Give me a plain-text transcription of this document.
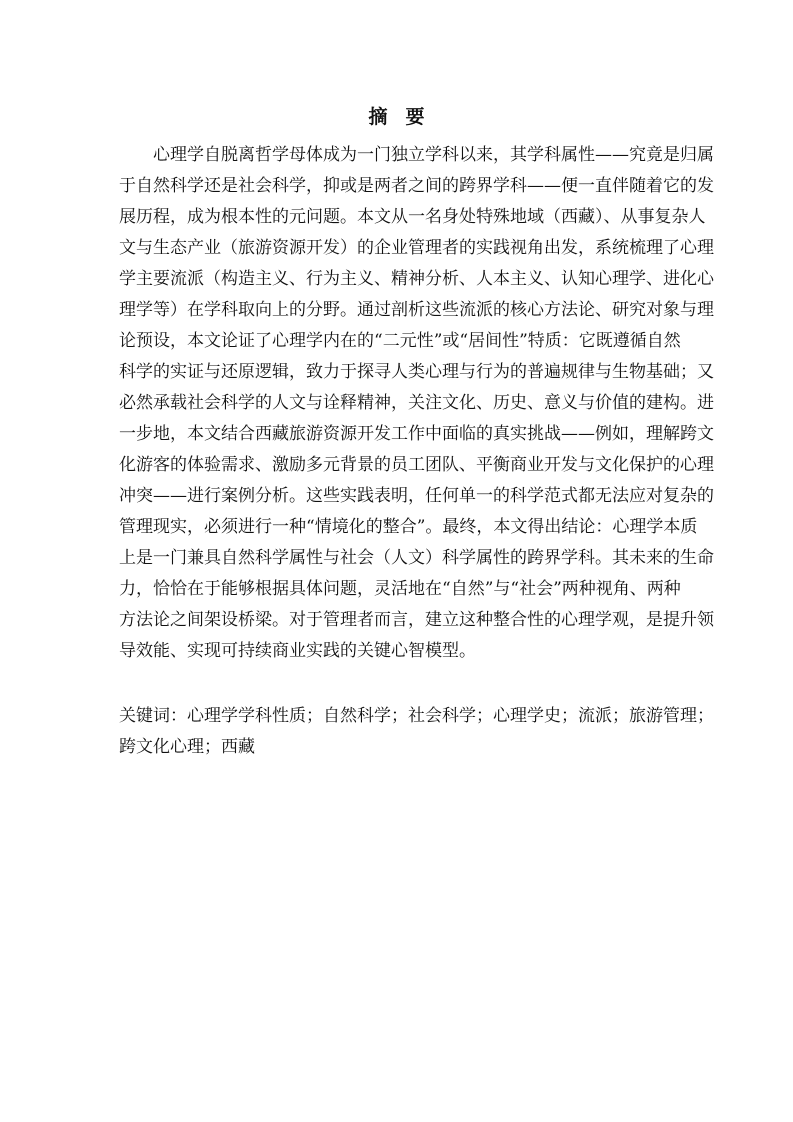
摘要
心理学自脱离哲学母体成为一门独立学科以来，其学科属性——究竟是归属
于自然科学还是社会科学，抑或是两者之间的跨界学科——便一直伴随着它的发
展历程，成为根本性的元问题。本文从一名身处特殊地域（西藏）、从事复杂人
文与生态产业（旅游资源开发）的企业管理者的实践视角出发，系统梳理了心理
学主要流派（构造主义、行为主义、精神分析、人本主义、认知心理学、进化心
理学等）在学科取向上的分野。通过剖析这些流派的核心方法论、研究对象与理
论预设，本文论证了心理学内在的“二元性”或“居间性”特质：它既遵循自然
科学的实证与还原逻辑，致力于探寻人类心理与行为的普遍规律与生物基础；又
必然承载社会科学的人文与诠释精神，关注文化、历史、意义与价值的建构。进
一步地，本文结合西藏旅游资源开发工作中面临的真实挑战——例如，理解跨文
化游客的体验需求、激励多元背景的员工团队、平衡商业开发与文化保护的心理
冲突——进行案例分析。这些实践表明，任何单一的科学范式都无法应对复杂的
管理现实，必须进行一种“情境化的整合”。最终，本文得出结论：心理学本质
上是一门兼具自然科学属性与社会（人文）科学属性的跨界学科。其未来的生命
力，恰恰在于能够根据具体问题，灵活地在“自然”与“社会”两种视角、两种
方法论之间架设桥梁。对于管理者而言，建立这种整合性的心理学观，是提升领
导效能、实现可持续商业实践的关键心智模型。
关键词：心理学学科性质；自然科学；社会科学；心理学史；流派；旅游管理；
跨文化心理；西藏
